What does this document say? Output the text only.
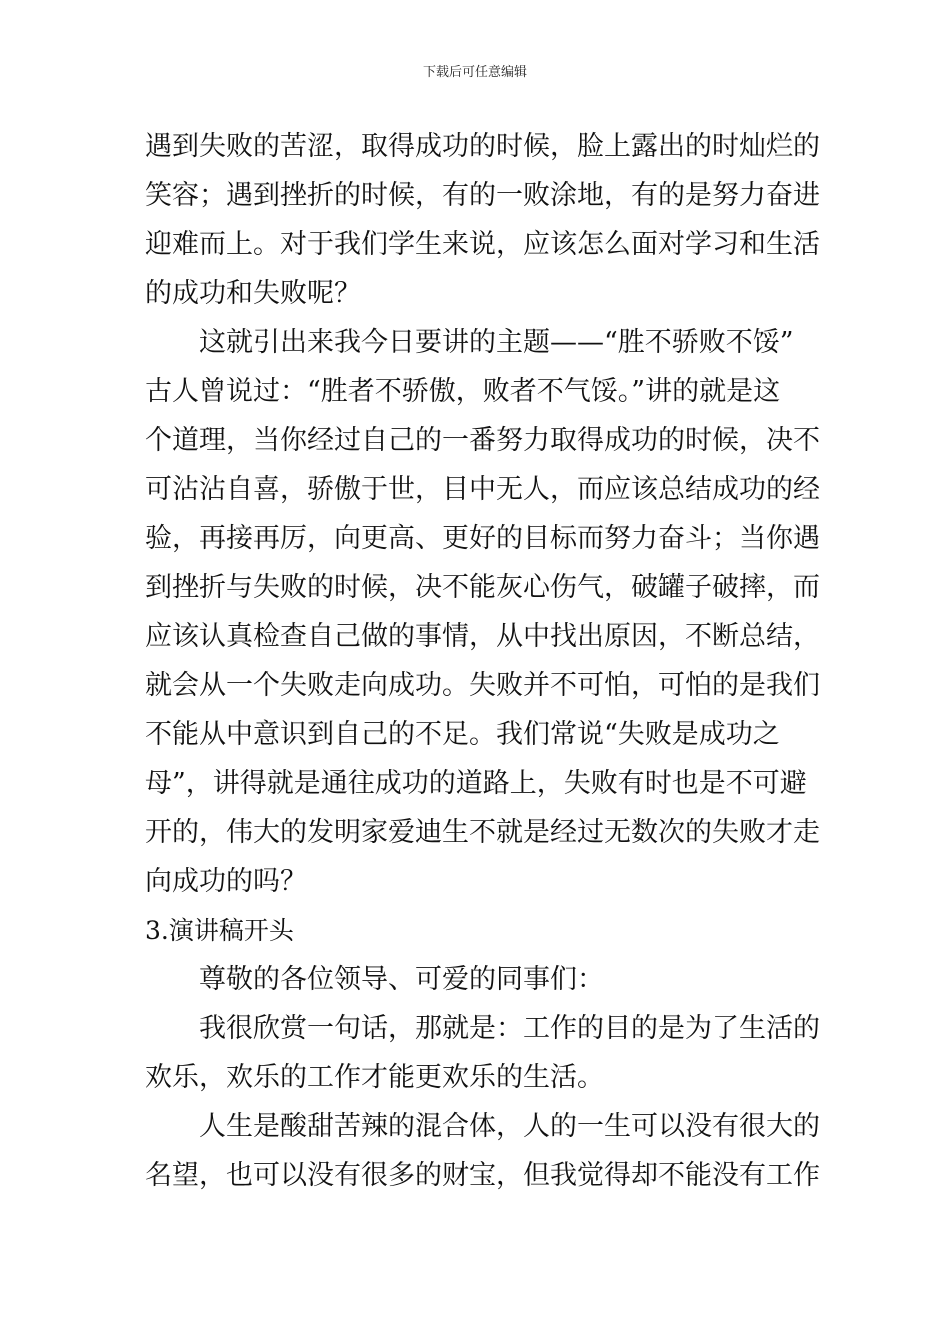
下载后可任意编辑
遇到失败的苦涩，取得成功的时候，脸上露出的时灿烂的
笑容；遇到挫折的时候，有的一败涂地，有的是努力奋进
迎难而上。对于我们学生来说，应该怎么面对学习和生活
的成功和失败呢？
这就引出来我今日要讲的主题——“胜不骄败不馁”
古人曾说过：“胜者不骄傲，败者不气馁。”讲的就是这
个道理，当你经过自己的一番努力取得成功的时候，决不
可沾沾自喜，骄傲于世，目中无人，而应该总结成功的经
验，再接再厉，向更高、更好的目标而努力奋斗；当你遇
到挫折与失败的时候，决不能灰心伤气，破罐子破摔，而
应该认真检查自己做的事情，从中找出原因，不断总结，
就会从一个失败走向成功。失败并不可怕，可怕的是我们
不能从中意识到自己的不足。我们常说“失败是成功之
母”，讲得就是通往成功的道路上，失败有时也是不可避
开的，伟大的发明家爱迪生不就是经过无数次的失败才走
向成功的吗？
3.演讲稿开头
尊敬的各位领导、可爱的同事们：
我很欣赏一句话，那就是：工作的目的是为了生活的
欢乐，欢乐的工作才能更欢乐的生活。
人生是酸甜苦辣的混合体，人的一生可以没有很大的
名望，也可以没有很多的财宝，但我觉得却不能没有工作
